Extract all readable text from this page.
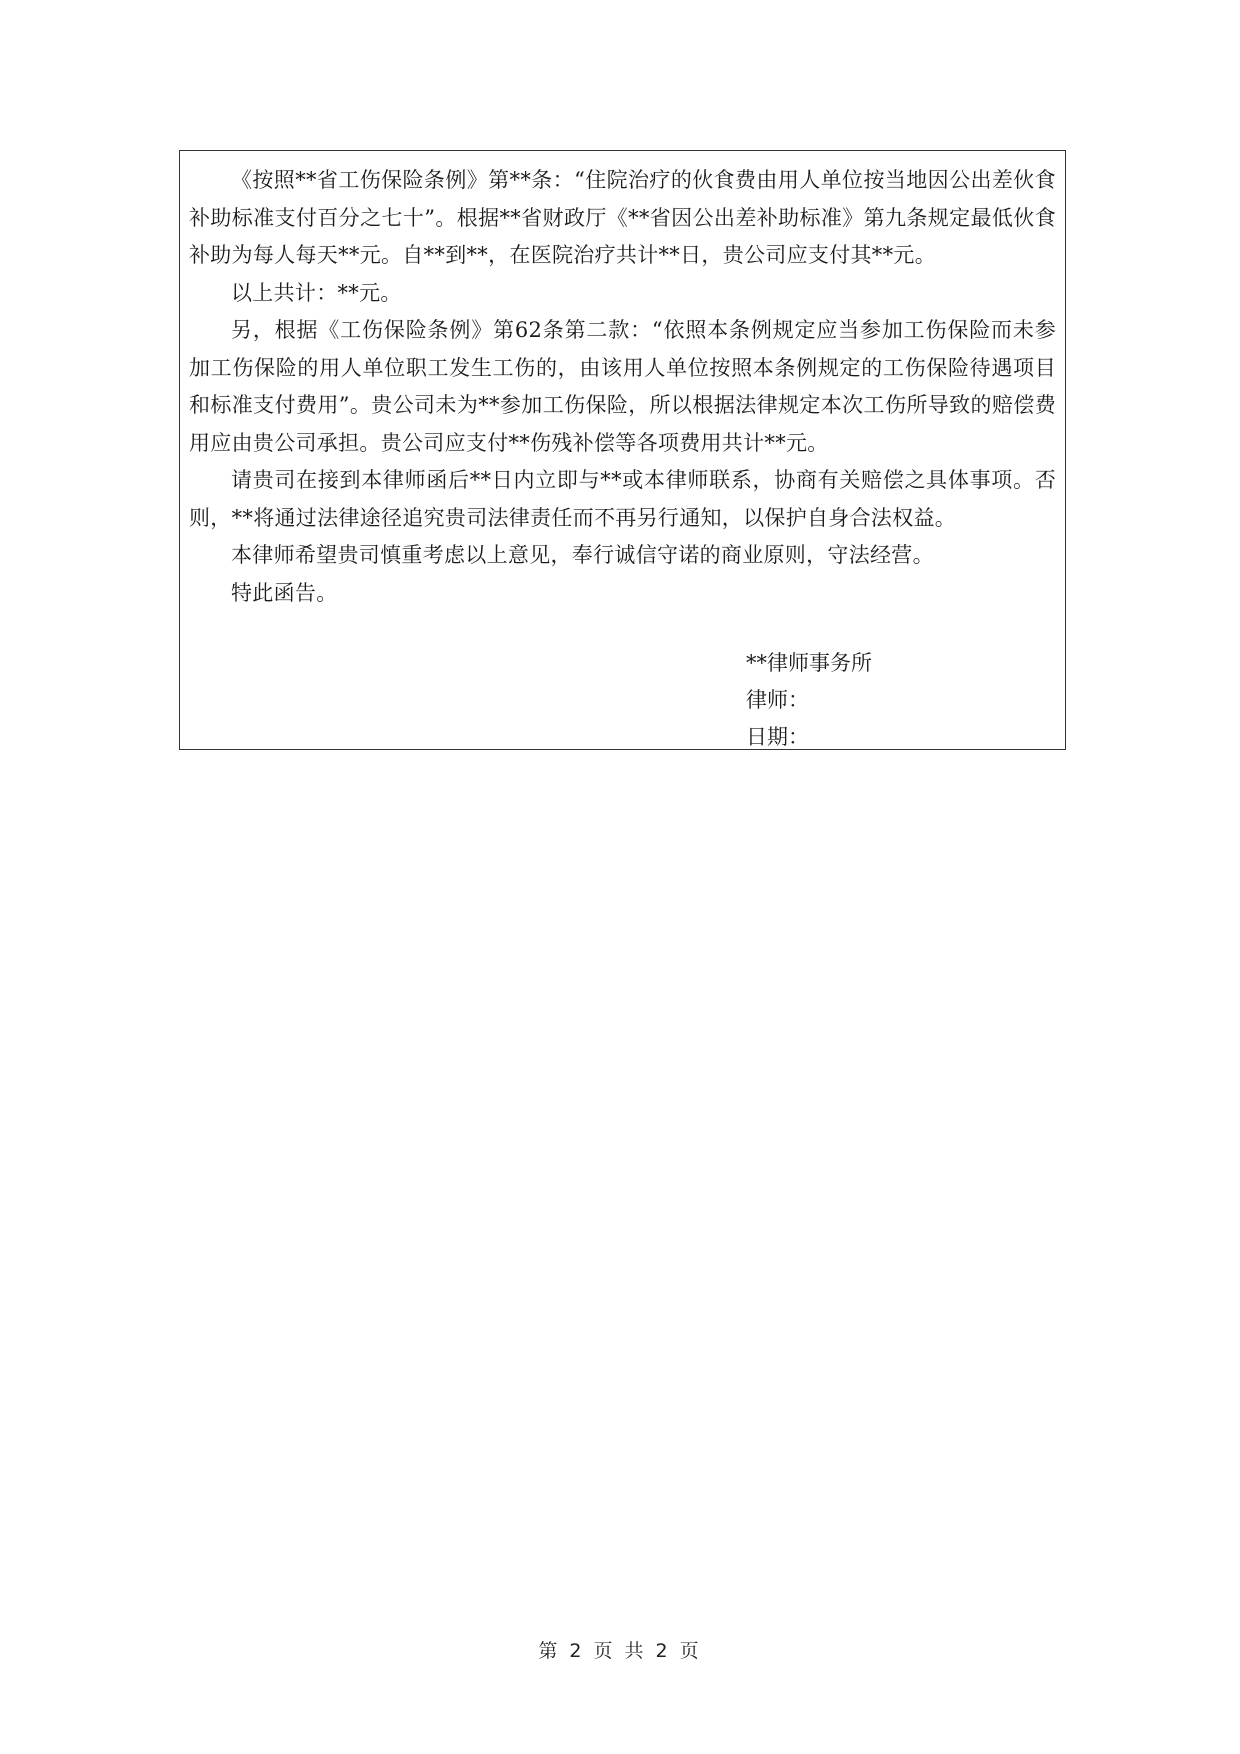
《按照**省工伤保险条例》第**条：“住院治疗的伙食费由用人单位按当地因公出差伙食补助标准支付百分之七十”。根据**省财政厅《**省因公出差补助标准》第九条规定最低伙食补助为每人每天**元。自**到**，在医院治疗共计**日，贵公司应支付其**元。

以上共计：**元。

另，根据《工伤保险条例》第62条第二款：“依照本条例规定应当参加工伤保险而未参加工伤保险的用人单位职工发生工伤的，由该用人单位按照本条例规定的工伤保险待遇项目和标准支付费用”。贵公司未为**参加工伤保险，所以根据法律规定本次工伤所导致的赔偿费用应由贵公司承担。贵公司应支付**伤残补偿等各项费用共计**元。

请贵司在接到本律师函后**日内立即与**或本律师联系，协商有关赔偿之具体事项。否则，**将通过法律途径追究贵司法律责任而不再另行通知，以保护自身合法权益。

本律师希望贵司慎重考虑以上意见，奉行诚信守诺的商业原则，守法经营。

特此函告。

**律师事务所
律师：
日期：
第 2 页 共 2 页
